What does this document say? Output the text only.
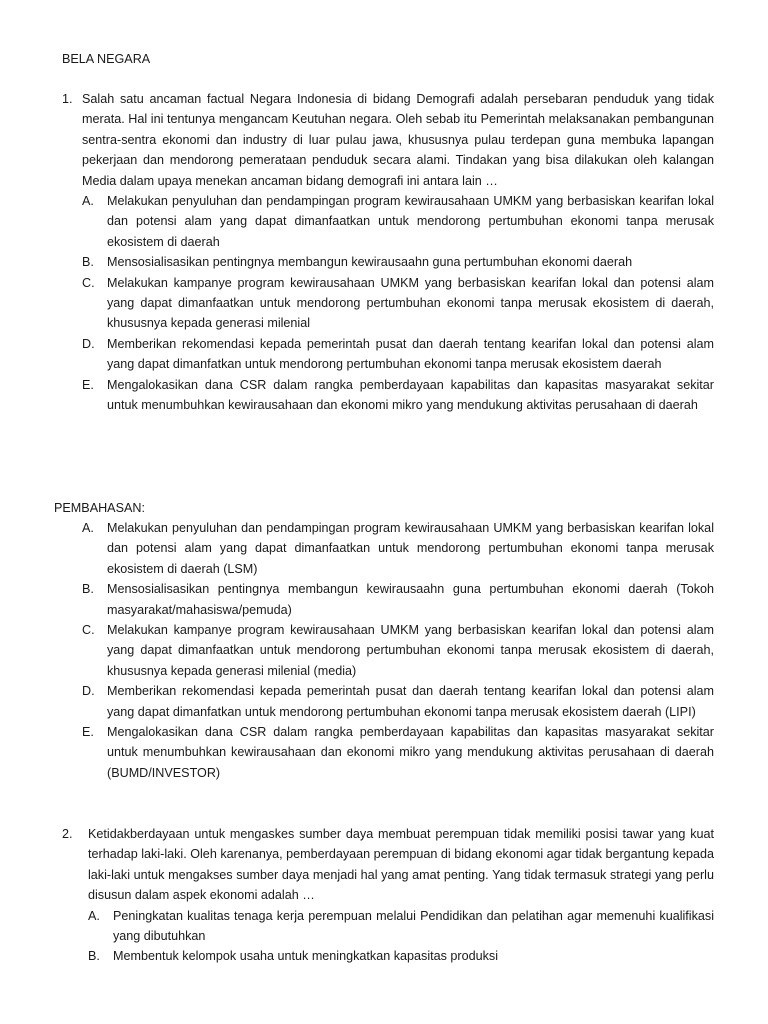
BELA NEGARA
1. Salah satu ancaman factual Negara Indonesia di bidang Demografi adalah persebaran penduduk yang tidak merata. Hal ini tentunya mengancam Keutuhan negara. Oleh sebab itu Pemerintah melaksanakan pembangunan sentra-sentra ekonomi dan industry di luar pulau jawa, khususnya pulau terdepan guna membuka lapangan pekerjaan dan mendorong pemerataan penduduk secara alami. Tindakan yang bisa dilakukan oleh kalangan Media dalam upaya menekan ancaman bidang demografi ini antara lain …
A.	Melakukan penyuluhan dan pendampingan program kewirausahaan UMKM yang berbasiskan kearifan lokal dan potensi alam yang dapat dimanfaatkan untuk mendorong pertumbuhan ekonomi tanpa merusak ekosistem di daerah
B.	Mensosialisasikan pentingnya membangun kewirausaahn guna pertumbuhan ekonomi daerah
C. Melakukan kampanye program kewirausahaan UMKM yang berbasiskan kearifan lokal dan potensi alam yang dapat dimanfaatkan untuk mendorong pertumbuhan ekonomi tanpa merusak ekosistem di daerah, khususnya kepada generasi milenial
D. Memberikan rekomendasi kepada pemerintah pusat dan daerah tentang kearifan lokal dan potensi alam yang dapat dimanfatkan untuk mendorong pertumbuhan ekonomi tanpa merusak ekosistem daerah
E.	Mengalokasikan dana CSR dalam rangka pemberdayaan kapabilitas dan kapasitas masyarakat sekitar untuk menumbuhkan kewirausahaan dan ekonomi mikro yang mendukung aktivitas perusahaan di daerah
PEMBAHASAN:
A.	Melakukan penyuluhan dan pendampingan program kewirausahaan UMKM yang berbasiskan kearifan lokal dan potensi alam yang dapat dimanfaatkan untuk mendorong pertumbuhan ekonomi tanpa merusak ekosistem di daerah (LSM)
B.	Mensosialisasikan pentingnya membangun kewirausaahn guna pertumbuhan ekonomi daerah (Tokoh masyarakat/mahasiswa/pemuda)
C. Melakukan kampanye program kewirausahaan UMKM yang berbasiskan kearifan lokal dan potensi alam yang dapat dimanfaatkan untuk mendorong pertumbuhan ekonomi tanpa merusak ekosistem di daerah, khususnya kepada generasi milenial (media)
D. Memberikan rekomendasi kepada pemerintah pusat dan daerah tentang kearifan lokal dan potensi alam yang dapat dimanfatkan untuk mendorong pertumbuhan ekonomi tanpa merusak ekosistem daerah (LIPI)
E.	Mengalokasikan dana CSR dalam rangka pemberdayaan kapabilitas dan kapasitas masyarakat sekitar untuk menumbuhkan kewirausahaan dan ekonomi mikro yang mendukung aktivitas perusahaan di daerah (BUMD/INVESTOR)
2.	Ketidakberdayaan untuk mengaskes sumber daya membuat perempuan tidak memiliki posisi tawar yang kuat terhadap laki-laki. Oleh karenanya, pemberdayaan perempuan di bidang ekonomi agar tidak bergantung kepada laki-laki untuk mengakses sumber daya menjadi hal yang amat penting. Yang tidak termasuk strategi yang perlu disusun dalam aspek ekonomi adalah …
A.	Peningkatan kualitas tenaga kerja perempuan melalui Pendidikan dan pelatihan agar memenuhi kualifikasi yang dibutuhkan
B.	Membentuk kelompok usaha untuk meningkatkan kapasitas produksi
